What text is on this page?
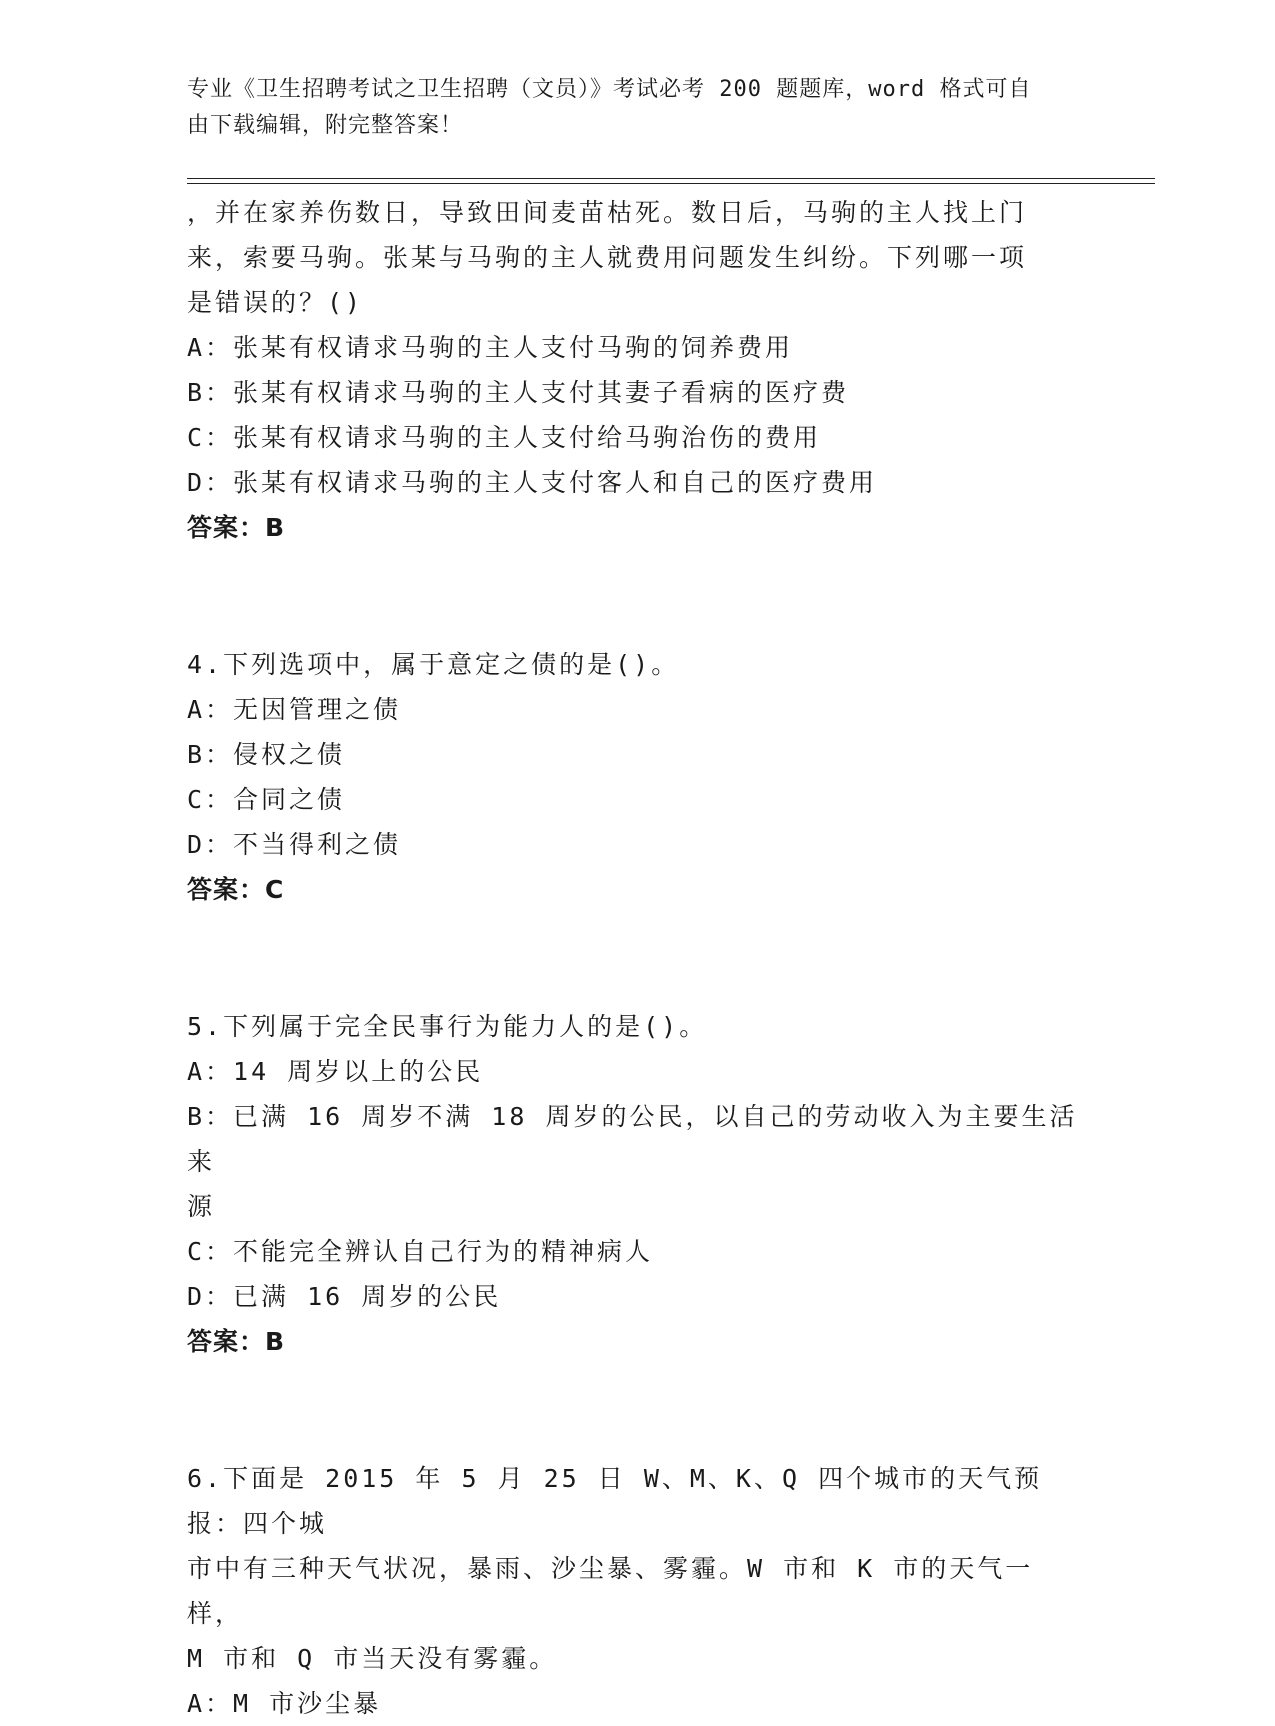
专业《卫生招聘考试之卫生招聘（文员）》考试必考 200 题题库，word 格式可自
由下载编辑，附完整答案！

，并在家养伤数日，导致田间麦苗枯死。数日后，马驹的主人找上门

来，索要马驹。张某与马驹的主人就费用问题发生纠纷。下列哪一项

是错误的？()

A：张某有权请求马驹的主人支付马驹的饲养费用

B：张某有权请求马驹的主人支付其妻子看病的医疗费

C：张某有权请求马驹的主人支付给马驹治伤的费用

D：张某有权请求马驹的主人支付客人和自己的医疗费用

答案：B

4.下列选项中，属于意定之债的是()。

A：无因管理之债

B：侵权之债

C：合同之债

D：不当得利之债

答案：C

5.下列属于完全民事行为能力人的是()。

A：14 周岁以上的公民

B：已满 16 周岁不满 18 周岁的公民，以自己的劳动收入为主要生活来

源

C：不能完全辨认自己行为的精神病人

D：已满 16 周岁的公民

答案：B

6.下面是 2015 年 5 月 25 日 W、M、K、Q 四个城市的天气预报：四个城

市中有三种天气状况，暴雨、沙尘暴、雾霾。W 市和 K 市的天气一样，

M 市和 Q 市当天没有雾霾。

A：M 市沙尘暴
